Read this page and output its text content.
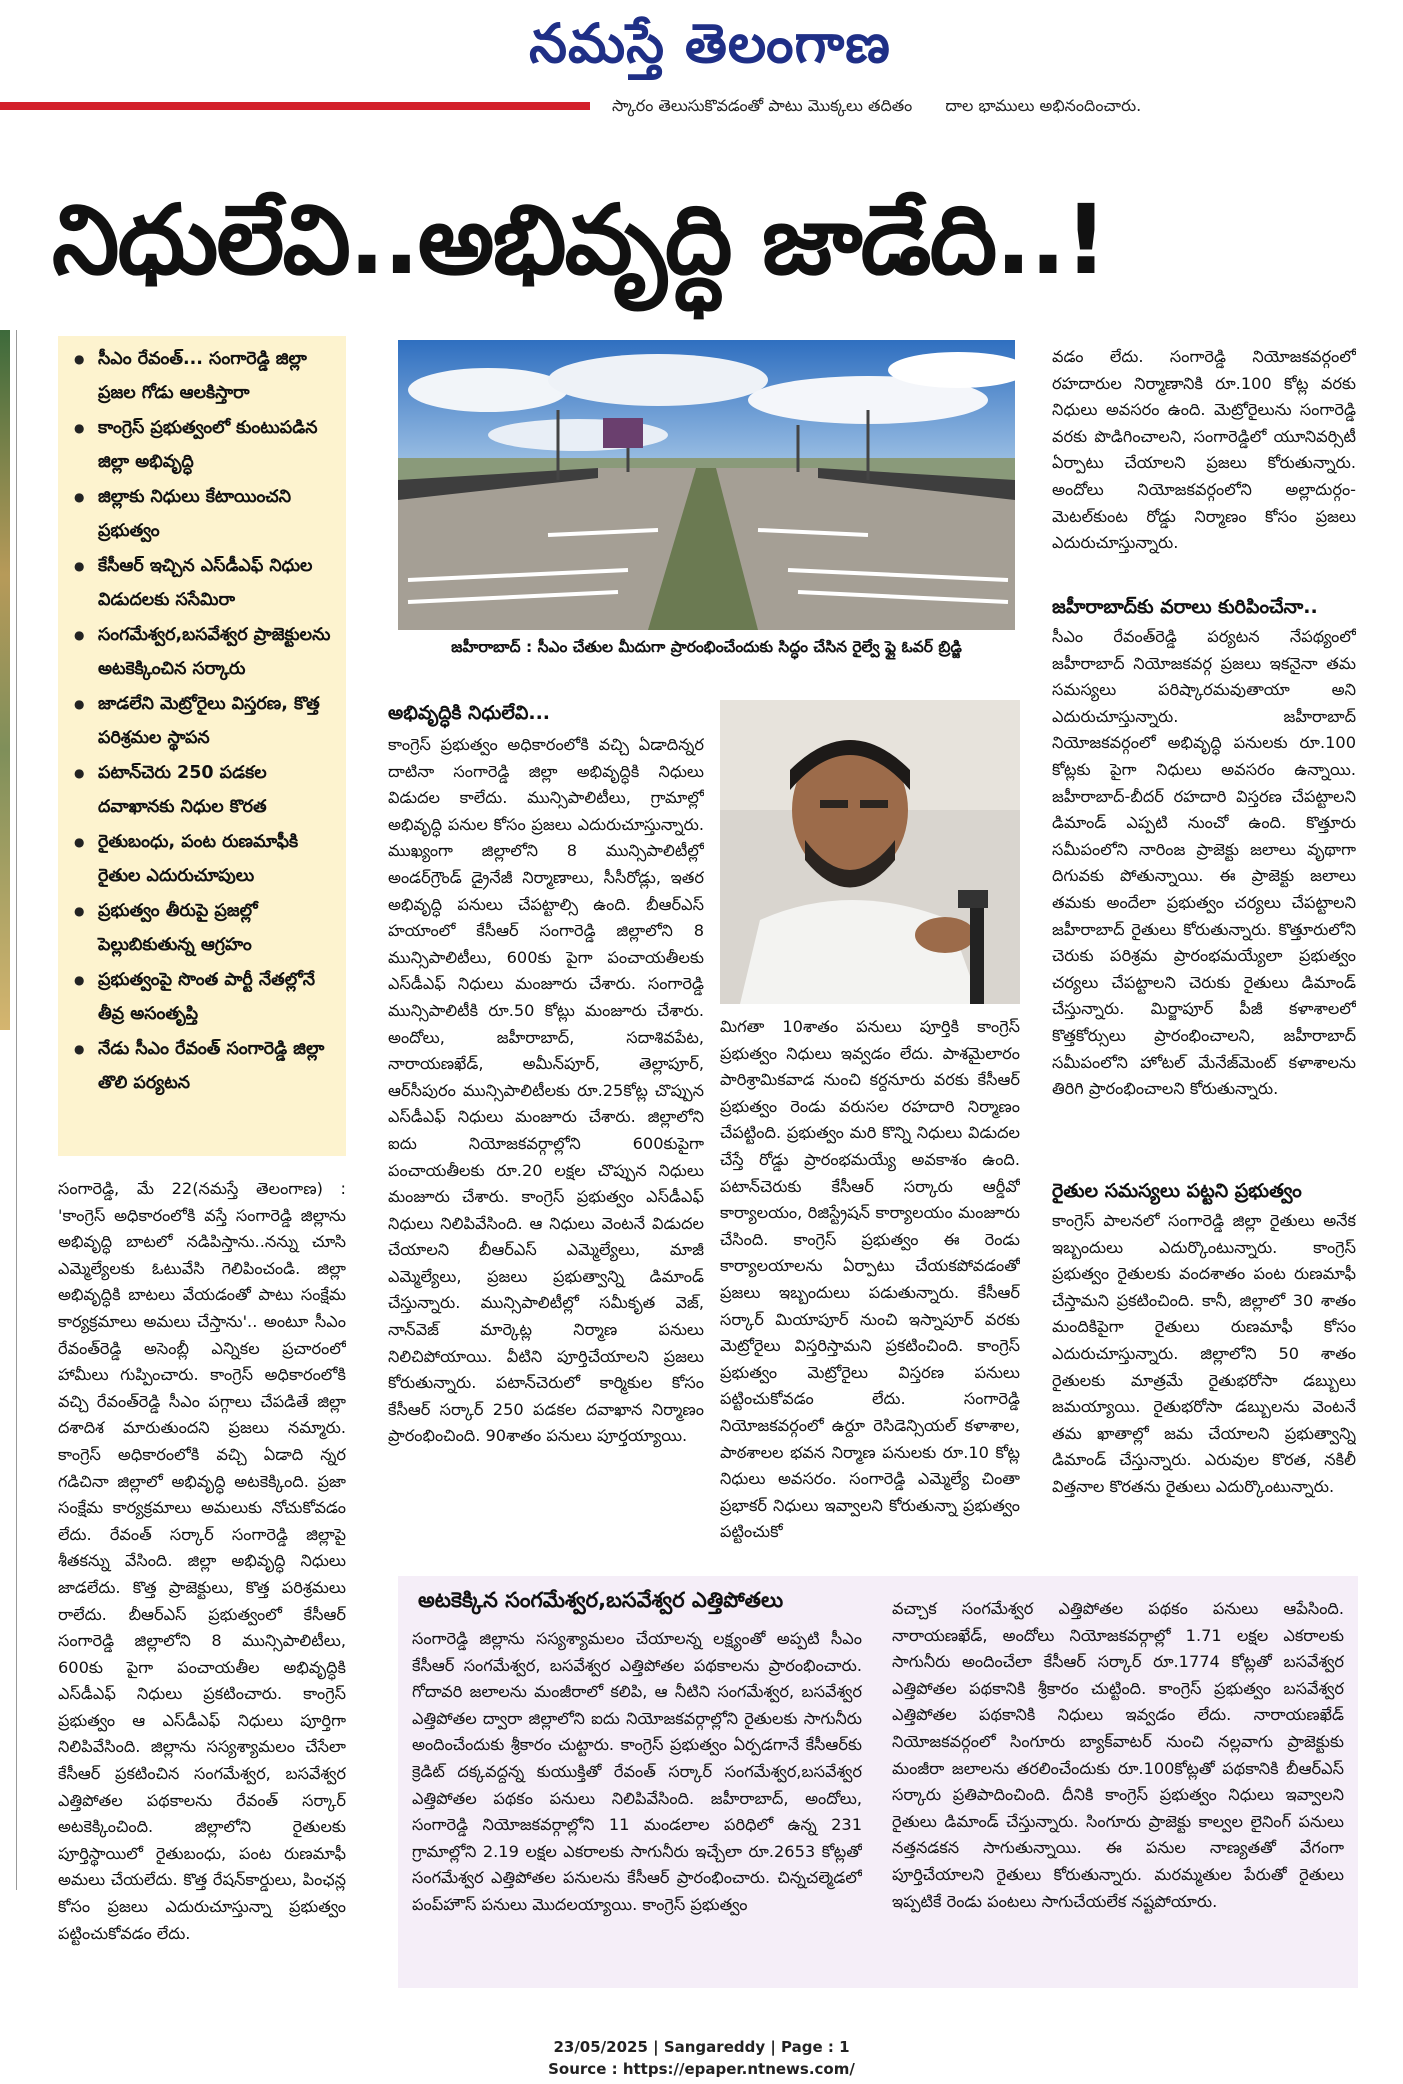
నమస్తే తెలంగాణ
స్కారం తెలుసుకొవడంతో పాటు మొక్కలు తదితం దాల భాములు అభినందించారు.
నిధులేవి..అభివృద్ధి జాడేది..!
● సీఎం రేవంత్... సంగారెడ్డి జిల్లా ప్రజల గోడు ఆలకిస్తారా
● కాంగ్రెస్ ప్రభుత్వంలో కుంటుపడిన జిల్లా అభివృద్ధి
● జిల్లాకు నిధులు కేటాయించని ప్రభుత్వం
● కేసీఆర్ ఇచ్చిన ఎస్‌డీఎఫ్ నిధుల విడుదలకు ససేమిరా
● సంగమేశ్వర,బసవేశ్వర ప్రాజెక్టులను అటకెక్కించిన సర్కారు
● జాడలేని మెట్రోరైలు విస్తరణ, కొత్త పరిశ్రమల స్థాపన
● పటాన్‌చెరు 250 పడకల దవాఖానకు నిధుల కొరత
● రైతుబంధు, పంట రుణమాఫీకి రైతుల ఎదురుచూపులు
● ప్రభుత్వం తీరుపై ప్రజల్లో పెల్లుబికుతున్న ఆగ్రహం
● ప్రభుత్వంపై సొంత పార్టీ నేతల్లోనే తీవ్ర అసంతృప్తి
● నేడు సీఎం రేవంత్ సంగారెడ్డి జిల్లా తొలి పర్యటన
జహీరాబాద్ : సీఎం చేతుల మీదుగా ప్రారంభించేందుకు సిద్ధం చేసిన రైల్వే ఫ్లై ఓవర్ బ్రిడ్జి
సంగారెడ్డి, మే 22(నమస్తే తెలంగాణ) : 'కాంగ్రెస్ అధికారంలోకి వస్తే సంగారెడ్డి జిల్లాను అభివృద్ధి బాటలో నడిపిస్తాను..నన్ను చూసి ఎమ్మెల్యేలకు ఓటువేసి గెలిపించండి. జిల్లా అభివృద్ధికి బాటలు వేయడంతో పాటు సంక్షేమ కార్యక్రమాలు అమలు చేస్తాను'.. అంటూ సీఎం రేవంత్‌రెడ్డి అసెంబ్లీ ఎన్నికల ప్రచారంలో హామీలు గుప్పించారు. కాంగ్రెస్ అధికారంలోకి వచ్చి రేవంత్‌రెడ్డి సీఎం పగ్గాలు చేపడితే జిల్లా దశాదిశ మారుతుందని ప్రజలు నమ్మారు. కాంగ్రెస్ అధికారంలోకి వచ్చి ఏడాది న్నర గడిచినా జిల్లాలో అభివృద్ధి అటకెక్కింది. ప్రజా సంక్షేమ కార్యక్రమాలు అమలుకు నోచుకోవడం లేదు. రేవంత్ సర్కార్ సంగారెడ్డి జిల్లాపై శీతకన్ను వేసింది. జిల్లా అభివృద్ధి నిధులు జాడలేదు. కొత్త ప్రాజెక్టులు, కొత్త పరిశ్రమలు రాలేదు. బీఆర్‌ఎస్ ప్రభుత్వంలో కేసీఆర్ సంగారెడ్డి జిల్లాలోని 8 మున్సిపాలిటీలు, 600కు పైగా పంచాయతీల అభివృద్ధికి ఎస్‌డీఎఫ్ నిధులు ప్రకటించారు. కాంగ్రెస్ ప్రభుత్వం ఆ ఎస్‌డీఎఫ్ నిధులు పూర్తిగా నిలిపివేసింది. జిల్లాను సస్యశ్యామలం చేసేలా కేసీఆర్ ప్రకటించిన సంగమేశ్వర, బసవేశ్వర ఎత్తిపోతల పథకాలను రేవంత్ సర్కార్ అటకెక్కించింది. జిల్లాలోని రైతులకు పూర్తిస్థాయిలో రైతుబంధు, పంట రుణమాఫీ అమలు చేయలేదు. కొత్త రేషన్‌కార్డులు, పింఛన్ల కోసం ప్రజలు ఎదురుచూస్తున్నా ప్రభుత్వం పట్టించుకోవడం లేదు.
అభివృద్ధికి నిధులేవి...
కాంగ్రెస్ ప్రభుత్వం అధికారంలోకి వచ్చి ఏడాదిన్నర దాటినా సంగారెడ్డి జిల్లా అభివృద్ధికి నిధులు విడుదల కాలేదు. మున్సిపాలిటీలు, గ్రామాల్లో అభివృద్ధి పనుల కోసం ప్రజలు ఎదురుచూస్తున్నారు. ముఖ్యంగా జిల్లాలోని 8 మున్సిపాలిటీల్లో అండర్‌గ్రౌండ్ డ్రైనేజీ నిర్మాణాలు, సీసీరోడ్లు, ఇతర అభివృద్ధి పనులు చేపట్టాల్సి ఉంది. బీఆర్‌ఎస్ హయాంలో కేసీఆర్ సంగారెడ్డి జిల్లాలోని 8 మున్సిపాలిటీలు, 600కు పైగా పంచాయతీలకు ఎస్‌డీఎఫ్ నిధులు మంజూరు చేశారు. సంగారెడ్డి మున్సిపాలిటీకి రూ.50 కోట్లు మంజూరు చేశారు. అందోలు, జహీరాబాద్, సదాశివపేట, నారాయణఖేడ్, అమీన్‌పూర్, తెల్లాపూర్, ఆర్‌సీపురం మున్సిపాలిటీలకు రూ.25కోట్ల చొప్పున ఎస్‌డీఎఫ్ నిధులు మంజూరు చేశారు. జిల్లాలోని ఐదు నియోజకవర్గాల్లోని 600కుపైగా పంచాయతీలకు రూ.20 లక్షల చొప్పున నిధులు మంజూరు చేశారు. కాంగ్రెస్ ప్రభుత్వం ఎస్‌డీఎఫ్ నిధులు నిలిపివేసింది. ఆ నిధులు వెంటనే విడుదల చేయాలని బీఆర్‌ఎస్ ఎమ్మెల్యేలు, మాజీ ఎమ్మెల్యేలు, ప్రజలు ప్రభుత్వాన్ని డిమాండ్ చేస్తున్నారు. మున్సిపాలిటీల్లో సమీకృత వెజ్, నాన్‌వెజ్ మార్కెట్ల నిర్మాణ పనులు నిలిచిపోయాయి. వీటిని పూర్తిచేయాలని ప్రజలు కోరుతున్నారు. పటాన్‌చెరులో కార్మికుల కోసం కేసీఆర్ సర్కార్ 250 పడకల దవాఖాన నిర్మాణం ప్రారంభించింది. 90శాతం పనులు పూర్తయ్యాయి.
మిగతా 10శాతం పనులు పూర్తికి కాంగ్రెస్ ప్రభుత్వం నిధులు ఇవ్వడం లేదు. పాశమైలారం పారిశ్రామికవాడ నుంచి కర్దనూరు వరకు కేసీఆర్ ప్రభుత్వం రెండు వరుసల రహదారి నిర్మాణం చేపట్టింది. ప్రభుత్వం మరి కొన్ని నిధులు విడుదల చేస్తే రోడ్డు ప్రారంభమయ్యే అవకాశం ఉంది. పటాన్‌చెరుకు కేసీఆర్ సర్కారు ఆర్డీవో కార్యాలయం, రిజిస్ట్రేషన్ కార్యాలయం మంజూరు చేసింది. కాంగ్రెస్ ప్రభుత్వం ఈ రెండు కార్యాలయాలను ఏర్పాటు చేయకపోవడంతో ప్రజలు ఇబ్బందులు పడుతున్నారు. కేసీఆర్ సర్కార్ మియాపూర్ నుంచి ఇస్నాపూర్ వరకు మెట్రోరైలు విస్తరిస్తామని ప్రకటించింది. కాంగ్రెస్ ప్రభుత్వం మెట్రోరైలు విస్తరణ పనులు పట్టించుకోవడం లేదు. సంగారెడ్డి నియోజకవర్గంలో ఉర్దూ రెసిడెన్సియల్ కళాశాల, పాఠశాలల భవన నిర్మాణ పనులకు రూ.10 కోట్ల నిధులు అవసరం. సంగారెడ్డి ఎమ్మెల్యే చింతా ప్రభాకర్ నిధులు ఇవ్వాలని కోరుతున్నా ప్రభుత్వం పట్టించుకో
వడం లేదు. సంగారెడ్డి నియోజకవర్గంలో రహదారుల నిర్మాణానికి రూ.100 కోట్ల వరకు నిధులు అవసరం ఉంది. మెట్రోరైలును సంగారెడ్డి వరకు పొడిగించాలని, సంగారెడ్డిలో యూనివర్సిటీ ఏర్పాటు చేయాలని ప్రజలు కోరుతున్నారు. అందోలు నియోజకవర్గంలోని అల్లాదుర్గం-మెటల్‌కుంట రోడ్డు నిర్మాణం కోసం ప్రజలు ఎదురుచూస్తున్నారు.
జహీరాబాద్‌కు వరాలు కురిపించేనా..
సీఎం రేవంత్‌రెడ్డి పర్యటన నేపథ్యంలో జహీరాబాద్ నియోజకవర్గ ప్రజలు ఇకనైనా తమ సమస్యలు పరిష్కారమవుతాయా అని ఎదురుచూస్తున్నారు. జహీరాబాద్ నియోజకవర్గంలో అభివృద్ధి పనులకు రూ.100 కోట్లకు పైగా నిధులు అవసరం ఉన్నాయి. జహీరాబాద్-బీదర్ రహదారి విస్తరణ చేపట్టాలని డిమాండ్ ఎప్పటి నుంచో ఉంది. కొత్తూరు సమీపంలోని నారింజ ప్రాజెక్టు జలాలు వృథాగా దిగువకు పోతున్నాయి. ఈ ప్రాజెక్టు జలాలు తమకు అందేలా ప్రభుత్వం చర్యలు చేపట్టాలని జహీరాబాద్ రైతులు కోరుతున్నారు. కొత్తూరులోని చెరుకు పరిశ్రమ ప్రారంభమయ్యేలా ప్రభుత్వం చర్యలు చేపట్టాలని చెరుకు రైతులు డిమాండ్ చేస్తున్నారు. మిర్జాపూర్ పీజీ కళాశాలలో కొత్తకోర్సులు ప్రారంభించాలని, జహీరాబాద్ సమీపంలోని హోటల్ మేనేజ్‌మెంట్ కళాశాలను తిరిగి ప్రారంభించాలని కోరుతున్నారు.
రైతుల సమస్యలు పట్టని ప్రభుత్వం
కాంగ్రెస్ పాలనలో సంగారెడ్డి జిల్లా రైతులు అనేక ఇబ్బందులు ఎదుర్కొంటున్నారు. కాంగ్రెస్ ప్రభుత్వం రైతులకు వందశాతం పంట రుణమాఫీ చేస్తామని ప్రకటించింది. కానీ, జిల్లాలో 30 శాతం మందికిపైగా రైతులు రుణమాఫీ కోసం ఎదురుచూస్తున్నారు. జిల్లాలోని 50 శాతం రైతులకు మాత్రమే రైతుభరోసా డబ్బులు జమయ్యాయి. రైతుభరోసా డబ్బులను వెంటనే తమ ఖాతాల్లో జమ చేయాలని ప్రభుత్వాన్ని డిమాండ్ చేస్తున్నారు. ఎరువుల కొరత, నకిలీ విత్తనాల కొరతను రైతులు ఎదుర్కొంటున్నారు.
అటకెక్కిన సంగమేశ్వర,బసవేశ్వర ఎత్తిపోతలు
సంగారెడ్డి జిల్లాను సస్యశ్యామలం చేయాలన్న లక్ష్యంతో అప్పటి సీఎం కేసీఆర్ సంగమేశ్వర, బసవేశ్వర ఎత్తిపోతల పథకాలను ప్రారంభించారు. గోదావరి జలాలను మంజీరాలో కలిపి, ఆ నీటిని సంగమేశ్వర, బసవేశ్వర ఎత్తిపోతల ద్వారా జిల్లాలోని ఐదు నియోజకవర్గాల్లోని రైతులకు సాగునీరు అందించేందుకు శ్రీకారం చుట్టారు. కాంగ్రెస్ ప్రభుత్వం ఏర్పడగానే కేసీఆర్‌కు క్రెడిట్ దక్కవద్దన్న కుయుక్తితో రేవంత్ సర్కార్ సంగమేశ్వర,బసవేశ్వర ఎత్తిపోతల పథకం పనులు నిలిపివేసింది. జహీరాబాద్, అందోలు, సంగారెడ్డి నియోజకవర్గాల్లోని 11 మండలాల పరిధిలో ఉన్న 231 గ్రామాల్లోని 2.19 లక్షల ఎకరాలకు సాగునీరు ఇచ్చేలా రూ.2653 కోట్లతో సంగమేశ్వర ఎత్తిపోతల పనులను కేసీఆర్ ప్రారంభించారు. చిన్నచల్మెడలో పంప్‌హౌస్ పనులు మొదలయ్యాయి. కాంగ్రెస్ ప్రభుత్వం
వచ్చాక సంగమేశ్వర ఎత్తిపోతల పథకం పనులు ఆపేసింది. నారాయణఖేడ్, అందోలు నియోజకవర్గాల్లో 1.71 లక్షల ఎకరాలకు సాగునీరు అందించేలా కేసీఆర్ సర్కార్ రూ.1774 కోట్లతో బసవేశ్వర ఎత్తిపోతల పథకానికి శ్రీకారం చుట్టింది. కాంగ్రెస్ ప్రభుత్వం బసవేశ్వర ఎత్తిపోతల పథకానికి నిధులు ఇవ్వడం లేదు. నారాయణఖేడ్ నియోజకవర్గంలో సింగూరు బ్యాక్‌వాటర్ నుంచి నల్లవాగు ప్రాజెక్టుకు మంజీరా జలాలను తరలించేందుకు రూ.100కోట్లతో పథకానికి బీఆర్‌ఎస్ సర్కారు ప్రతిపాదించింది. దీనికి కాంగ్రెస్ ప్రభుత్వం నిధులు ఇవ్వాలని రైతులు డిమాండ్ చేస్తున్నారు. సింగూరు ప్రాజెక్టు కాల్వల లైనింగ్ పనులు నత్తనడకన సాగుతున్నాయి. ఈ పనుల నాణ్యతతో వేగంగా పూర్తిచేయాలని రైతులు కోరుతున్నారు. మరమ్మతుల పేరుతో రైతులు ఇప్పటికే రెండు పంటలు సాగుచేయలేక నష్టపోయారు.
23/05/2025 | Sangareddy | Page : 1
Source : https://epaper.ntnews.com/
